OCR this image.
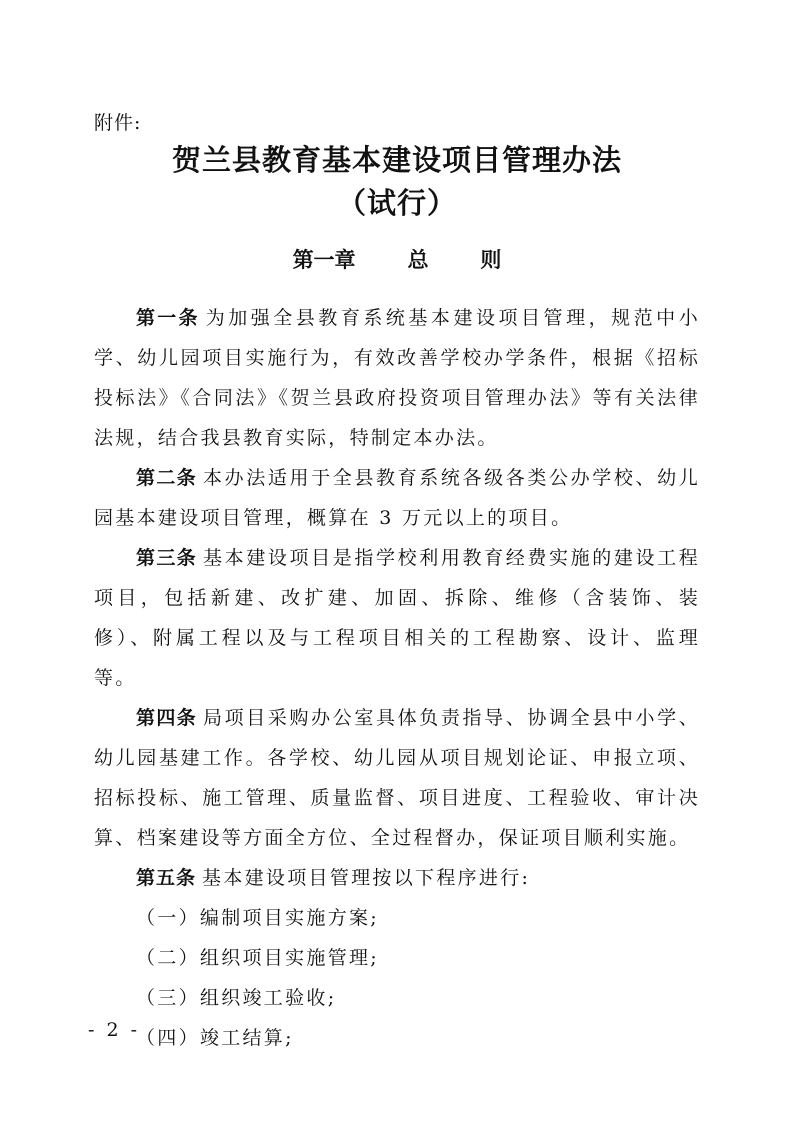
附件:
贺兰县教育基本建设项目管理办法
（试行）
第一章   总   则

第一条 为加强全县教育系统基本建设项目管理，规范中小学、幼儿园项目实施行为，有效改善学校办学条件，根据《招标投标法》《合同法》《贺兰县政府投资项目管理办法》等有关法律法规，结合我县教育实际，特制定本办法。

第二条 本办法适用于全县教育系统各级各类公办学校、幼儿园基本建设项目管理，概算在 3 万元以上的项目。

第三条 基本建设项目是指学校利用教育经费实施的建设工程项目，包括新建、改扩建、加固、拆除、维修（含装饰、装修）、附属工程以及与工程项目相关的工程勘察、设计、监理等。

第四条 局项目采购办公室具体负责指导、协调全县中小学、幼儿园基建工作。各学校、幼儿园从项目规划论证、申报立项、招标投标、施工管理、质量监督、项目进度、工程验收、审计决算、档案建设等方面全方位、全过程督办，保证项目顺利实施。

第五条 基本建设项目管理按以下程序进行:

（一）编制项目实施方案;

（二）组织项目实施管理;

（三）组织竣工验收;

（四）竣工结算;

- 2 -
